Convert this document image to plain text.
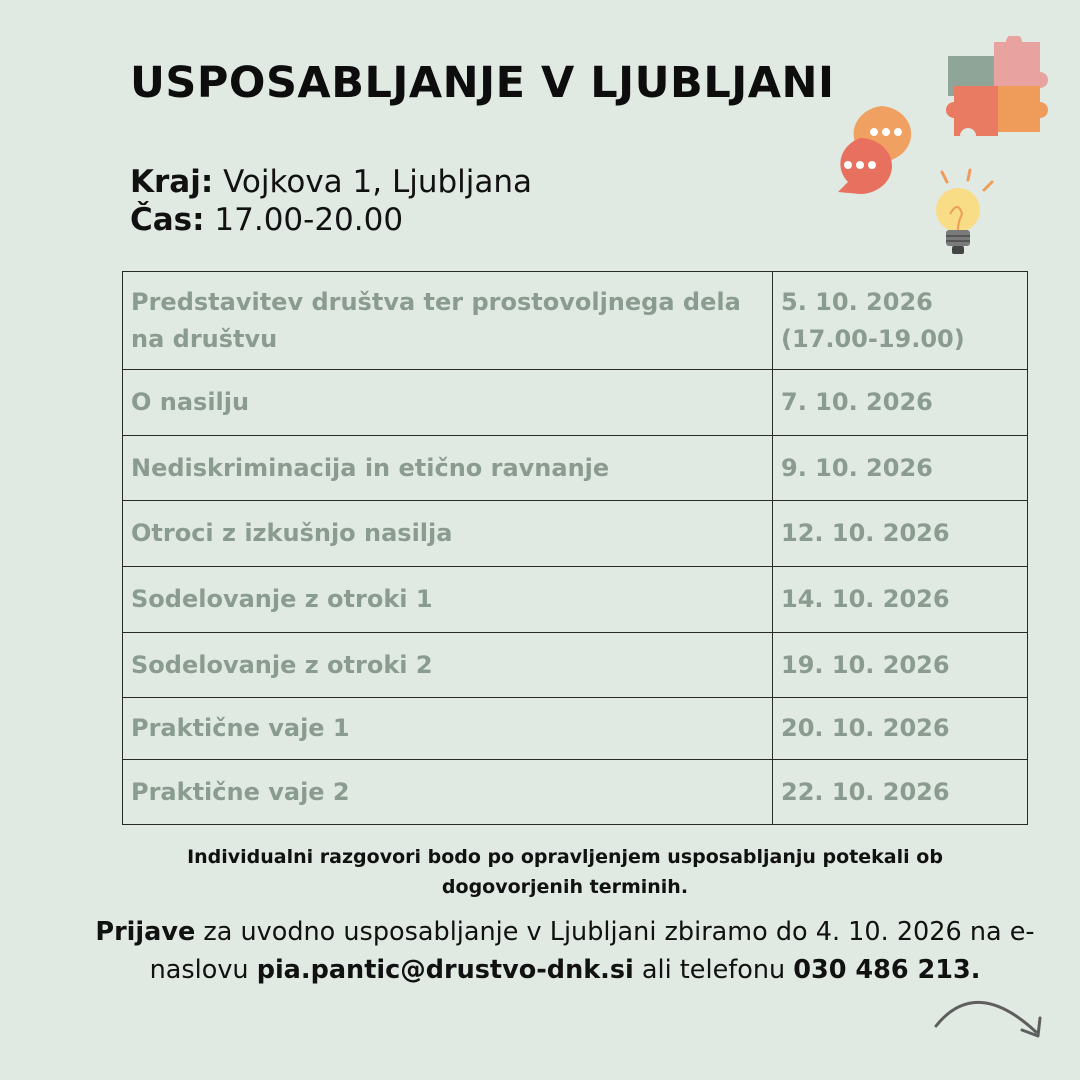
USPOSABLJANJE V LJUBLJANI
Kraj: Vojkova 1, Ljubljana
Čas: 17.00-20.00
Predstavitev društva ter prostovoljnega dela na društvu	5. 10. 2026 (17.00-19.00)
O nasilju	7. 10. 2026
Nediskriminacija in etično ravnanje	9. 10. 2026
Otroci z izkušnjo nasilja	12. 10. 2026
Sodelovanje z otroki 1	14. 10. 2026
Sodelovanje z otroki 2	19. 10. 2026
Praktične vaje 1	20. 10. 2026
Praktične vaje 2	22. 10. 2026
Individualni razgovori bodo po opravljenjem usposabljanju potekali ob dogovorjenih terminih.
Prijave za uvodno usposabljanje v Ljubljani zbiramo do 4. 10. 2026 na e-naslovu pia.pantic@drustvo-dnk.si ali telefonu 030 486 213.
